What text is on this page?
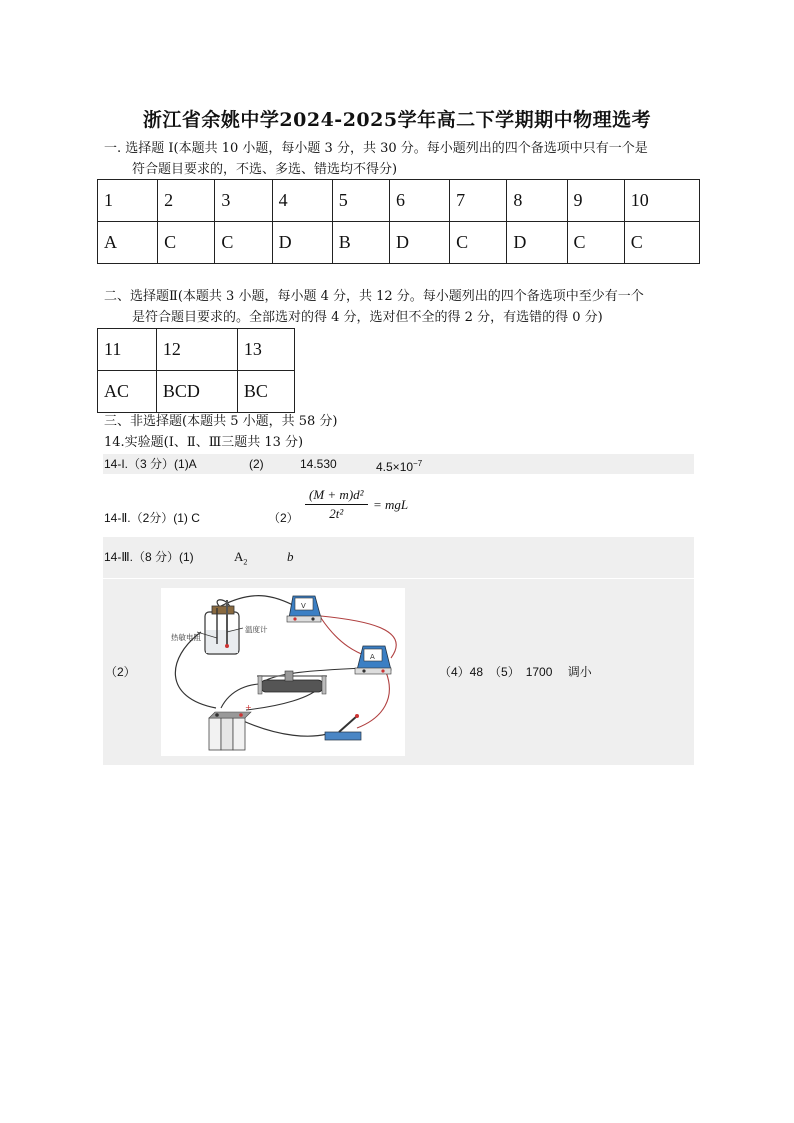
浙江省余姚中学2024-2025学年高二下学期期中物理选考
一. 选择题 I(本题共 10 小题，每小题 3 分，共 30 分。每小题列出的四个备选项中只有一个是
符合题目要求的，不选、多选、错选均不得分)
1	2	3	4	5	6	7	8	9	10
A	C	C	D	B	D	C	D	C	C
二、选择题Ⅱ(本题共 3 小题，每小题 4 分，共 12 分。每小题列出的四个备选项中至少有一个
是符合题目要求的。全部选对的得 4 分，选对但不全的得 2 分，有选错的得 0 分)
11	12	13
AC	BCD	BC
三、非选择题(本题共 5 小题，共 58 分)
14.实验题(I、Ⅱ、Ⅲ三题共 13 分)
14-I.（3 分）(1)A	(2)	14.530	$4.5\times 10^{-7}$
14-Ⅱ.（2分）(1) C	$(2) \frac{\text{(M + m)d²}}{\text{2t²}}$ = mgL
14-Ⅲ.（8 分）(1)	$A_2$	b
（2）
热敏电阻
温度计
V
A
+
（4）48　（5）　1700　 调小
